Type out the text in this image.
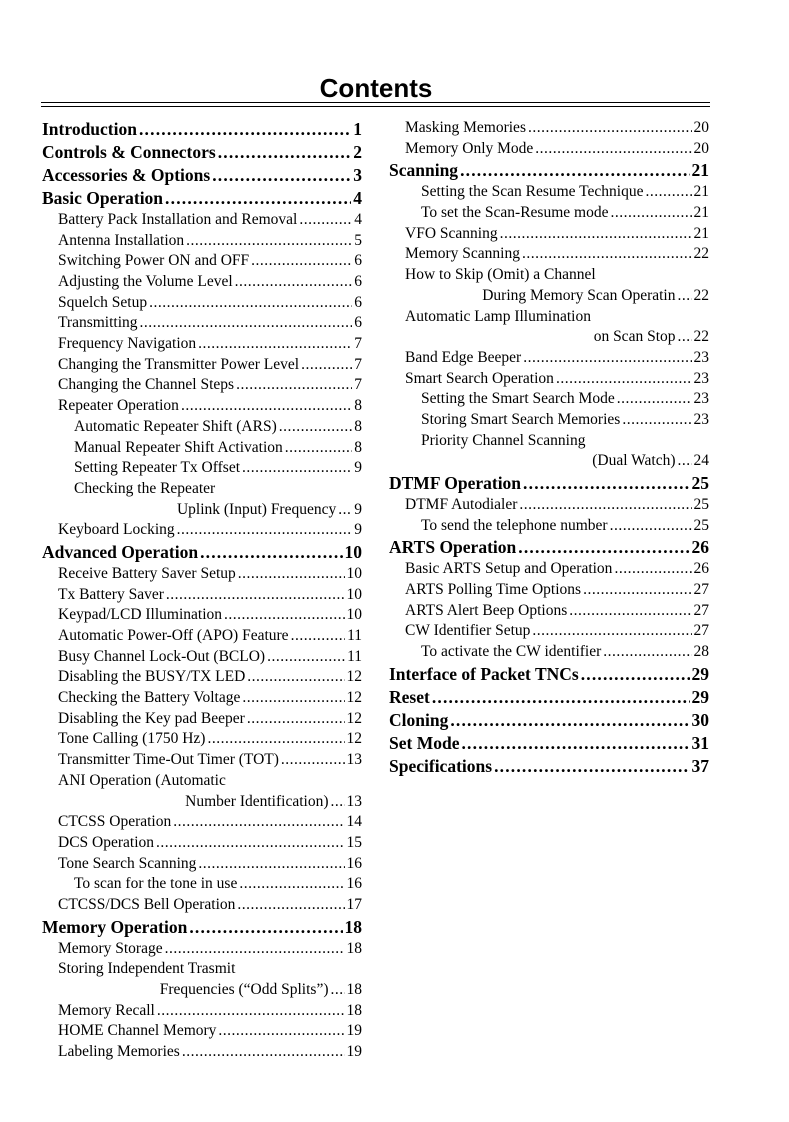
Contents
Introduction .....	1
Controls & Connectors .....	2
Accessories & Options .....	3
Basic Operation .....	4
Battery Pack Installation and Removal .....	4
Antenna Installation .....	5
Switching Power ON and OFF .....	6
Adjusting the Volume Level .....	6
Squelch Setup .....	6
Transmitting .....	6
Frequency Navigation .....	7
Changing the Transmitter Power Level .....	7
Changing the Channel Steps .....	7
Repeater Operation .....	8
Automatic Repeater Shift (ARS) .....	8
Manual Repeater Shift Activation .....	8
Setting Repeater Tx Offset .....	9
Checking the Repeater
Uplink (Input) Frequency ..... 9
Keyboard Locking .....	9
Advanced Operation .....	10
Receive Battery Saver Setup .....	10
Tx Battery Saver .....	10
Keypad/LCD Illumination .....	10
Automatic Power-Off (APO) Feature .....	11
Busy Channel Lock-Out (BCLO) .....	11
Disabling the BUSY/TX LED .....	12
Checking the Battery Voltage .....	12
Disabling the Key pad Beeper .....	12
Tone Calling (1750 Hz) .....	12
Transmitter Time-Out Timer (TOT) .....	13
ANI Operation (Automatic
Number Identification) ..... 13
CTCSS Operation .....	14
DCS Operation .....	15
Tone Search Scanning .....	16
To scan for the tone in use .....	16
CTCSS/DCS Bell Operation .....	17
Memory Operation .....	18
Memory Storage .....	18
Storing Independent Trasmit
Frequencies (“Odd Splits”) ..... 18
Memory Recall .....	18
HOME Channel Memory .....	19
Labeling Memories .....	19
Masking Memories .....	20
Memory Only Mode .....	20
Scanning .....	21
Setting the Scan Resume Technique .....	21
To set the Scan-Resume mode .....	21
VFO Scanning .....	21
Memory Scanning .....	22
How to Skip (Omit) a Channel
During Memory Scan Operatin ..... 22
Automatic Lamp Illumination
on Scan Stop ..... 22
Band Edge Beeper .....	23
Smart Search Operation .....	23
Setting the Smart Search Mode .....	23
Storing Smart Search Memories .....	23
Priority Channel Scanning
(Dual Watch) ..... 24
DTMF Operation .....	25
DTMF Autodialer .....	25
To send the telephone number .....	25
ARTS Operation .....	26
Basic ARTS Setup and Operation .....	26
ARTS Polling Time Options .....	27
ARTS Alert Beep Options .....	27
CW Identifier Setup .....	27
To activate the CW identifier .....	28
Interface of Packet TNCs .....	29
Reset .....	29
Cloning .....	30
Set Mode .....	31
Specifications .....	37
